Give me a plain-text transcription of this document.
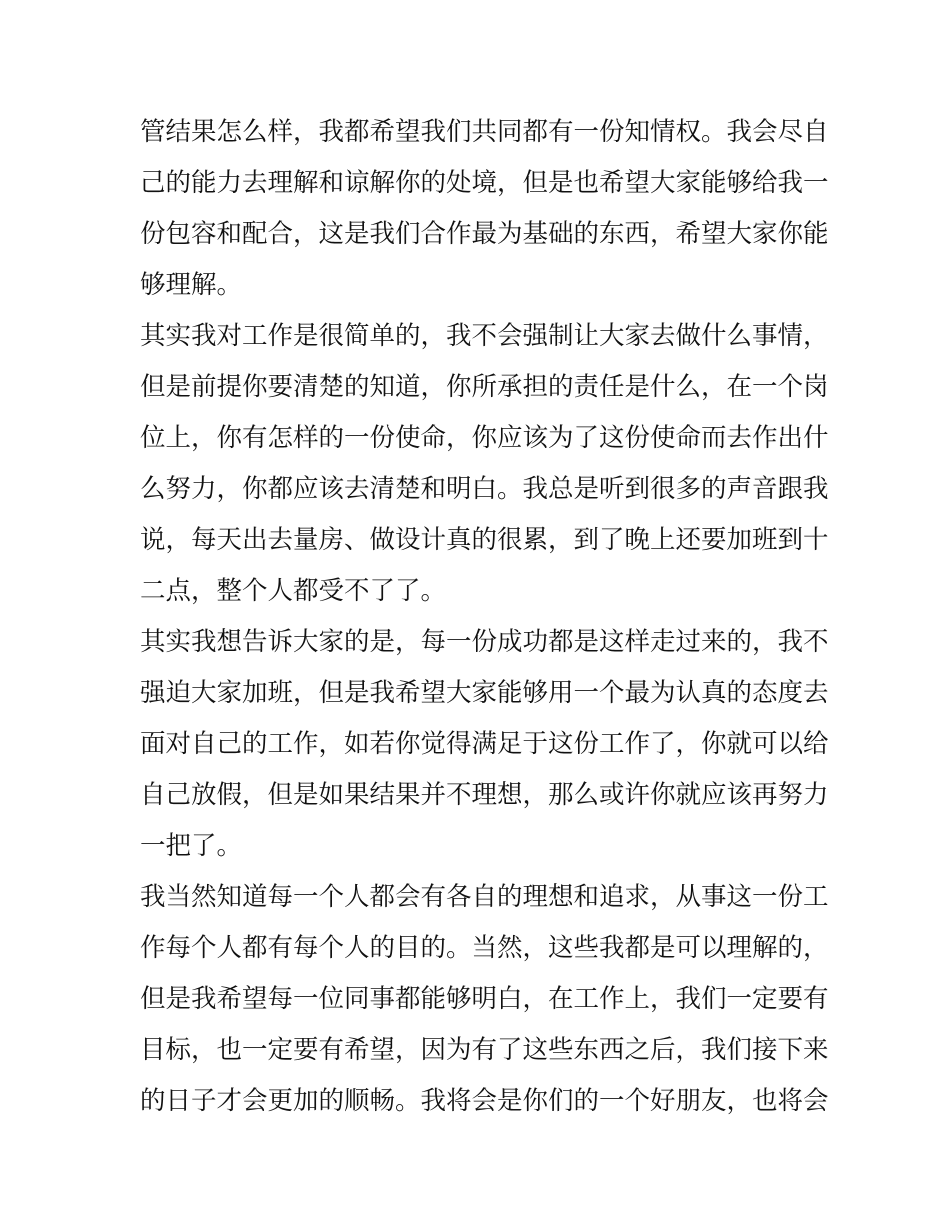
管结果怎么样，我都希望我们共同都有一份知情权。我会尽自
己的能力去理解和谅解你的处境，但是也希望大家能够给我一
份包容和配合，这是我们合作最为基础的东西，希望大家你能
够理解。
其实我对工作是很简单的，我不会强制让大家去做什么事情，
但是前提你要清楚的知道，你所承担的责任是什么，在一个岗
位上，你有怎样的一份使命，你应该为了这份使命而去作出什
么努力，你都应该去清楚和明白。我总是听到很多的声音跟我
说，每天出去量房、做设计真的很累，到了晚上还要加班到十
二点，整个人都受不了了。
其实我想告诉大家的是，每一份成功都是这样走过来的，我不
强迫大家加班，但是我希望大家能够用一个最为认真的态度去
面对自己的工作，如若你觉得满足于这份工作了，你就可以给
自己放假，但是如果结果并不理想，那么或许你就应该再努力
一把了。
我当然知道每一个人都会有各自的理想和追求，从事这一份工
作每个人都有每个人的目的。当然，这些我都是可以理解的，
但是我希望每一位同事都能够明白，在工作上，我们一定要有
目标，也一定要有希望，因为有了这些东西之后，我们接下来
的日子才会更加的顺畅。我将会是你们的一个好朋友，也将会
